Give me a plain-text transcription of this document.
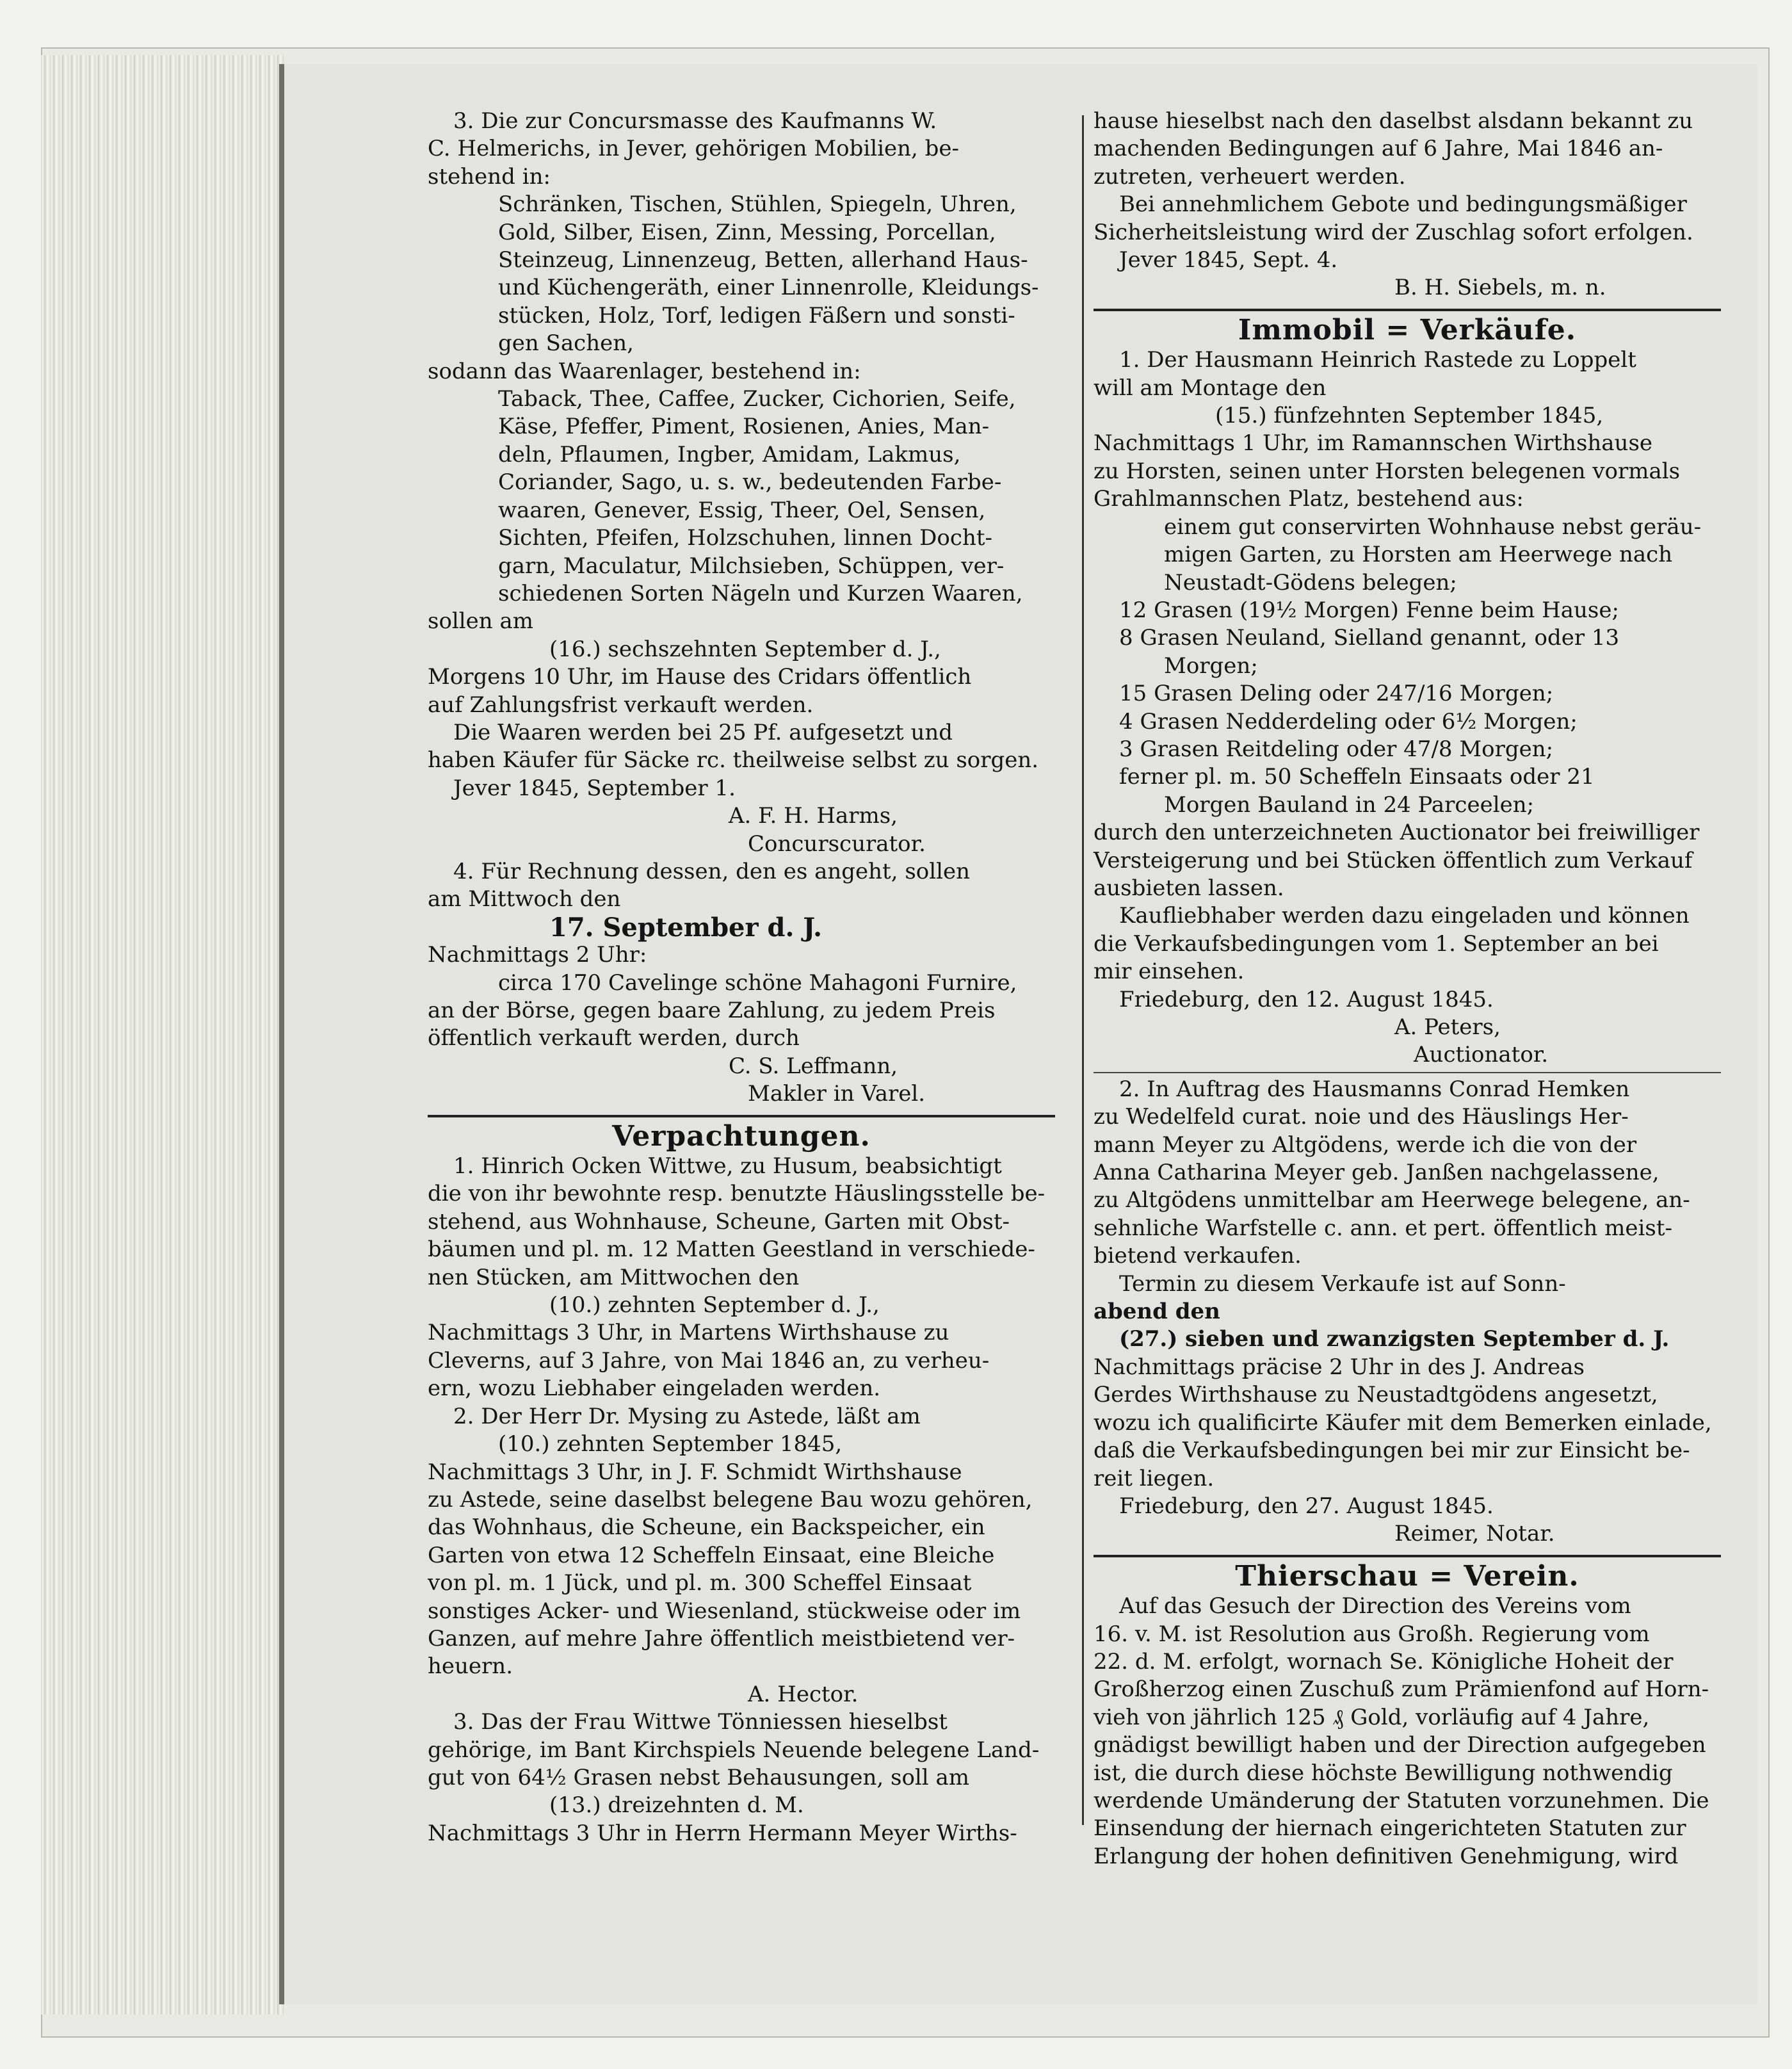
3. Die zur Concursmasse des Kaufmanns W.

C. Helmerichs, in Jever, gehörigen Mobilien, be-

stehend in:

Schränken, Tischen, Stühlen, Spiegeln, Uhren,

Gold, Silber, Eisen, Zinn, Messing, Porcellan,

Steinzeug, Linnenzeug, Betten, allerhand Haus-

und Küchengeräth, einer Linnenrolle, Kleidungs-

stücken, Holz, Torf, ledigen Fäßern und sonsti-

gen Sachen,

sodann das Waarenlager, bestehend in:

Taback, Thee, Caffee, Zucker, Cichorien, Seife,

Käse, Pfeffer, Piment, Rosienen, Anies, Man-

deln, Pflaumen, Ingber, Amidam, Lakmus,

Coriander, Sago, u. s. w., bedeutenden Farbe-

waaren, Genever, Essig, Theer, Oel, Sensen,

Sichten, Pfeifen, Holzschuhen, linnen Docht-

garn, Maculatur, Milchsieben, Schüppen, ver-

schiedenen Sorten Nägeln und Kurzen Waaren,

sollen am

(16.) sechszehnten September d. J.,

Morgens 10 Uhr, im Hause des Cridars öffentlich

auf Zahlungsfrist verkauft werden.

Die Waaren werden bei 25 Pf. aufgesetzt und

haben Käufer für Säcke rc. theilweise selbst zu sorgen.

Jever 1845, September 1.

A. F. H. Harms,

Concurscurator.

4. Für Rechnung dessen, den es angeht, sollen

am Mittwoch den

17. September d. J.

Nachmittags 2 Uhr:

circa 170 Cavelinge schöne Mahagoni Furnire,

an der Börse, gegen baare Zahlung, zu jedem Preis

öffentlich verkauft werden, durch

C. S. Leffmann,

Makler in Varel.

Verpachtungen.

1. Hinrich Ocken Wittwe, zu Husum, beabsichtigt

die von ihr bewohnte resp. benutzte Häuslingsstelle be-

stehend, aus Wohnhause, Scheune, Garten mit Obst-

bäumen und pl. m. 12 Matten Geestland in verschiede-

nen Stücken, am Mittwochen den

(10.) zehnten September d. J.,

Nachmittags 3 Uhr, in Martens Wirthshause zu

Cleverns, auf 3 Jahre, von Mai 1846 an, zu verheu-

ern, wozu Liebhaber eingeladen werden.

2. Der Herr Dr. Mysing zu Astede, läßt am

(10.) zehnten September 1845,

Nachmittags 3 Uhr, in J. F. Schmidt Wirthshause

zu Astede, seine daselbst belegene Bau wozu gehören,

das Wohnhaus, die Scheune, ein Backspeicher, ein

Garten von etwa 12 Scheffeln Einsaat, eine Bleiche

von pl. m. 1 Jück, und pl. m. 300 Scheffel Einsaat

sonstiges Acker- und Wiesenland, stückweise oder im

Ganzen, auf mehre Jahre öffentlich meistbietend ver-

heuern.

A. Hector.

3. Das der Frau Wittwe Tönniessen hieselbst

gehörige, im Bant Kirchspiels Neuende belegene Land-

gut von 64½ Grasen nebst Behausungen, soll am

(13.) dreizehnten d. M.

Nachmittags 3 Uhr in Herrn Hermann Meyer Wirths-

hause hieselbst nach den daselbst alsdann bekannt zu

machenden Bedingungen auf 6 Jahre, Mai 1846 an-

zutreten, verheuert werden.

Bei annehmlichem Gebote und bedingungsmäßiger

Sicherheitsleistung wird der Zuschlag sofort erfolgen.

Jever 1845, Sept. 4.

B. H. Siebels, m. n.

Immobil = Verkäufe.

1. Der Hausmann Heinrich Rastede zu Loppelt

will am Montage den

(15.) fünfzehnten September 1845,

Nachmittags 1 Uhr, im Ramannschen Wirthshause

zu Horsten, seinen unter Horsten belegenen vormals

Grahlmannschen Platz, bestehend aus:

einem gut conservirten Wohnhause nebst geräu-

migen Garten, zu Horsten am Heerwege nach

Neustadt-Gödens belegen;

12 Grasen (19½ Morgen) Fenne beim Hause;

8 Grasen Neuland, Sielland genannt, oder 13

Morgen;

15 Grasen Deling oder 247/16 Morgen;

4 Grasen Nedderdeling oder 6½ Morgen;

3 Grasen Reitdeling oder 47/8 Morgen;

ferner pl. m. 50 Scheffeln Einsaats oder 21

Morgen Bauland in 24 Parceelen;

durch den unterzeichneten Auctionator bei freiwilliger

Versteigerung und bei Stücken öffentlich zum Verkauf

ausbieten lassen.

Kaufliebhaber werden dazu eingeladen und können

die Verkaufsbedingungen vom 1. September an bei

mir einsehen.

Friedeburg, den 12. August 1845.

A. Peters,

Auctionator.

2. In Auftrag des Hausmanns Conrad Hemken

zu Wedelfeld curat. noie und des Häuslings Her-

mann Meyer zu Altgödens, werde ich die von der

Anna Catharina Meyer geb. Janßen nachgelassene,

zu Altgödens unmittelbar am Heerwege belegene, an-

sehnliche Warfstelle c. ann. et pert. öffentlich meist-

bietend verkaufen.

Termin zu diesem Verkaufe ist auf Sonn-

abend den

(27.) sieben und zwanzigsten September d. J.

Nachmittags präcise 2 Uhr in des J. Andreas

Gerdes Wirthshause zu Neustadtgödens angesetzt,

wozu ich qualificirte Käufer mit dem Bemerken einlade,

daß die Verkaufsbedingungen bei mir zur Einsicht be-

reit liegen.

Friedeburg, den 27. August 1845.

Reimer, Notar.

Thierschau = Verein.

Auf das Gesuch der Direction des Vereins vom

16. v. M. ist Resolution aus Großh. Regierung vom

22. d. M. erfolgt, wornach Se. Königliche Hoheit der

Großherzog einen Zuschuß zum Prämienfond auf Horn-

vieh von jährlich 125 ₰ Gold, vorläufig auf 4 Jahre,

gnädigst bewilligt haben und der Direction aufgegeben

ist, die durch diese höchste Bewilligung nothwendig

werdende Umänderung der Statuten vorzunehmen. Die

Einsendung der hiernach eingerichteten Statuten zur

Erlangung der hohen definitiven Genehmigung, wird
